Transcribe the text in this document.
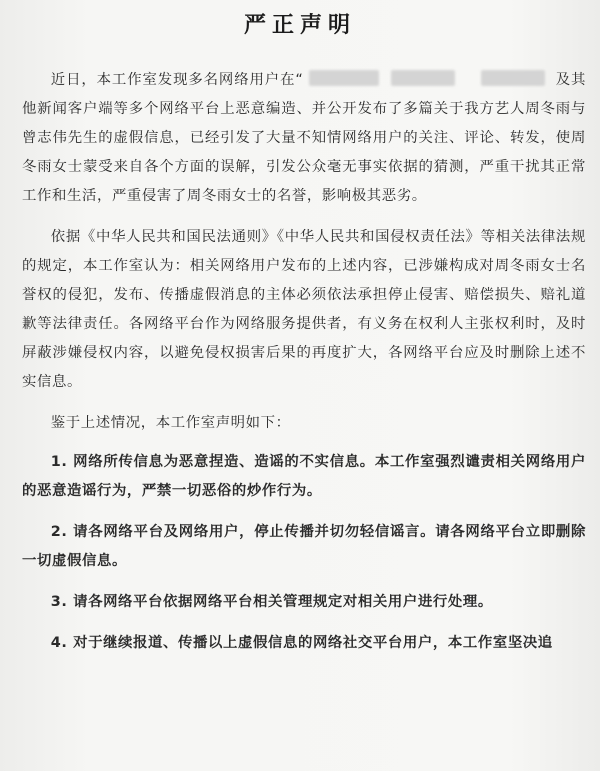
严正声明

近日，本工作室发现多名网络用户在“	及其他新闻客户端等多个网络平台上恶意编造、并公开发布了多篇关于我方艺人周冬雨与曾志伟先生的虚假信息，已经引发了大量不知情网络用户的关注、评论、转发，使周冬雨女士蒙受来自各个方面的误解，引发公众毫无事实依据的猜测，严重干扰其正常工作和生活，严重侵害了周冬雨女士的名誉，影响极其恶劣。

依据《中华人民共和国民法通则》《中华人民共和国侵权责任法》等相关法律法规的规定，本工作室认为：相关网络用户发布的上述内容，已涉嫌构成对周冬雨女士名誉权的侵犯，发布、传播虚假消息的主体必须依法承担停止侵害、赔偿损失、赔礼道歉等法律责任。各网络平台作为网络服务提供者，有义务在权利人主张权利时，及时屏蔽涉嫌侵权内容，以避免侵权损害后果的再度扩大，各网络平台应及时删除上述不实信息。

鉴于上述情况，本工作室声明如下：

1. 网络所传信息为恶意捏造、造谣的不实信息。本工作室强烈谴责相关网络用户的恶意造谣行为，严禁一切恶俗的炒作行为。

2. 请各网络平台及网络用户，停止传播并切勿轻信谣言。请各网络平台立即删除一切虚假信息。

3. 请各网络平台依据网络平台相关管理规定对相关用户进行处理。

4. 对于继续报道、传播以上虚假信息的网络社交平台用户，本工作室坚决追
